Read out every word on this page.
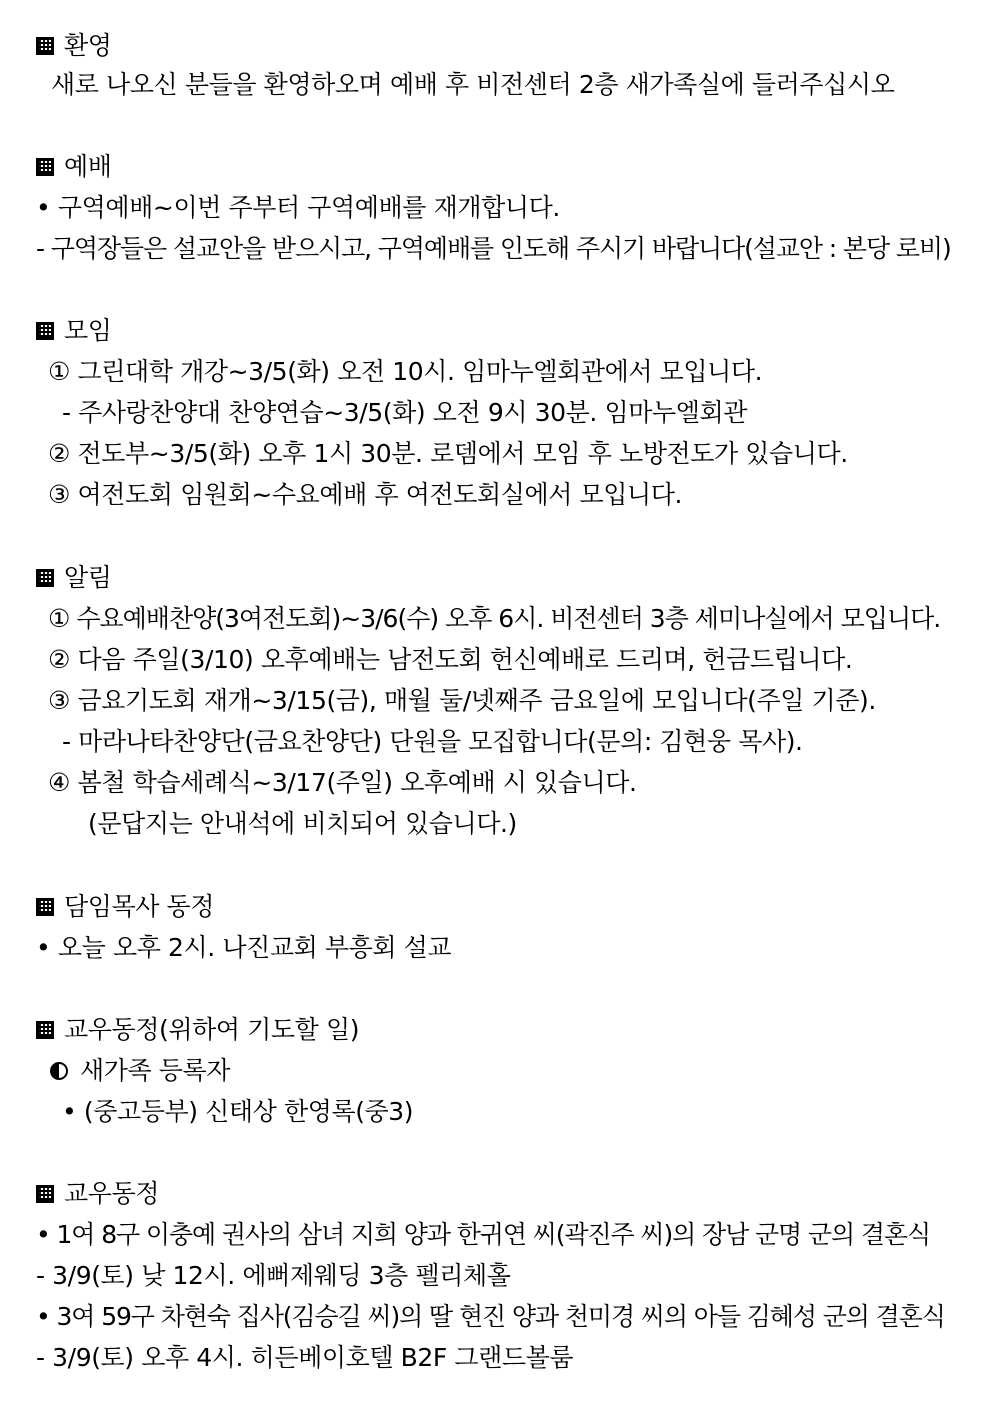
환영
새로 나오신 분들을 환영하오며 예배 후 비전센터 2층 새가족실에 들러주십시오
예배
• 구역예배~이번 주부터 구역예배를 재개합니다.
- 구역장들은 설교안을 받으시고, 구역예배를 인도해 주시기 바랍니다(설교안 : 본당 로비)
모임
① 그린대학 개강~3/5(화) 오전 10시. 임마누엘회관에서 모입니다.
- 주사랑찬양대 찬양연습~3/5(화) 오전 9시 30분. 임마누엘회관
② 전도부~3/5(화) 오후 1시 30분. 로뎀에서 모임 후 노방전도가 있습니다.
③ 여전도회 임원회~수요예배 후 여전도회실에서 모입니다.
알림
① 수요예배찬양(3여전도회)~3/6(수) 오후 6시. 비전센터 3층 세미나실에서 모입니다.
② 다음 주일(3/10) 오후예배는 남전도회 헌신예배로 드리며, 헌금드립니다.
③ 금요기도회 재개~3/15(금), 매월 둘/넷째주 금요일에 모입니다(주일 기준).
- 마라나타찬양단(금요찬양단) 단원을 모집합니다(문의: 김현웅 목사).
④ 봄철 학습세례식~3/17(주일) 오후예배 시 있습니다.
(문답지는 안내석에 비치되어 있습니다.)
담임목사 동정
• 오늘 오후 2시. 나진교회 부흥회 설교
교우동정(위하여 기도할 일)
새가족 등록자
• (중고등부) 신태상 한영록(중3)
교우동정
• 1여 8구 이충예 권사의 삼녀 지희 양과 한귀연 씨(곽진주 씨)의 장남 군명 군의 결혼식
- 3/9(토) 낮 12시. 에뻐제웨딩 3층 펠리체홀
• 3여 59구 차현숙 집사(김승길 씨)의 딸 현진 양과 천미경 씨의 아들 김혜성 군의 결혼식
- 3/9(토) 오후 4시. 히든베이호텔 B2F 그랜드볼룸
